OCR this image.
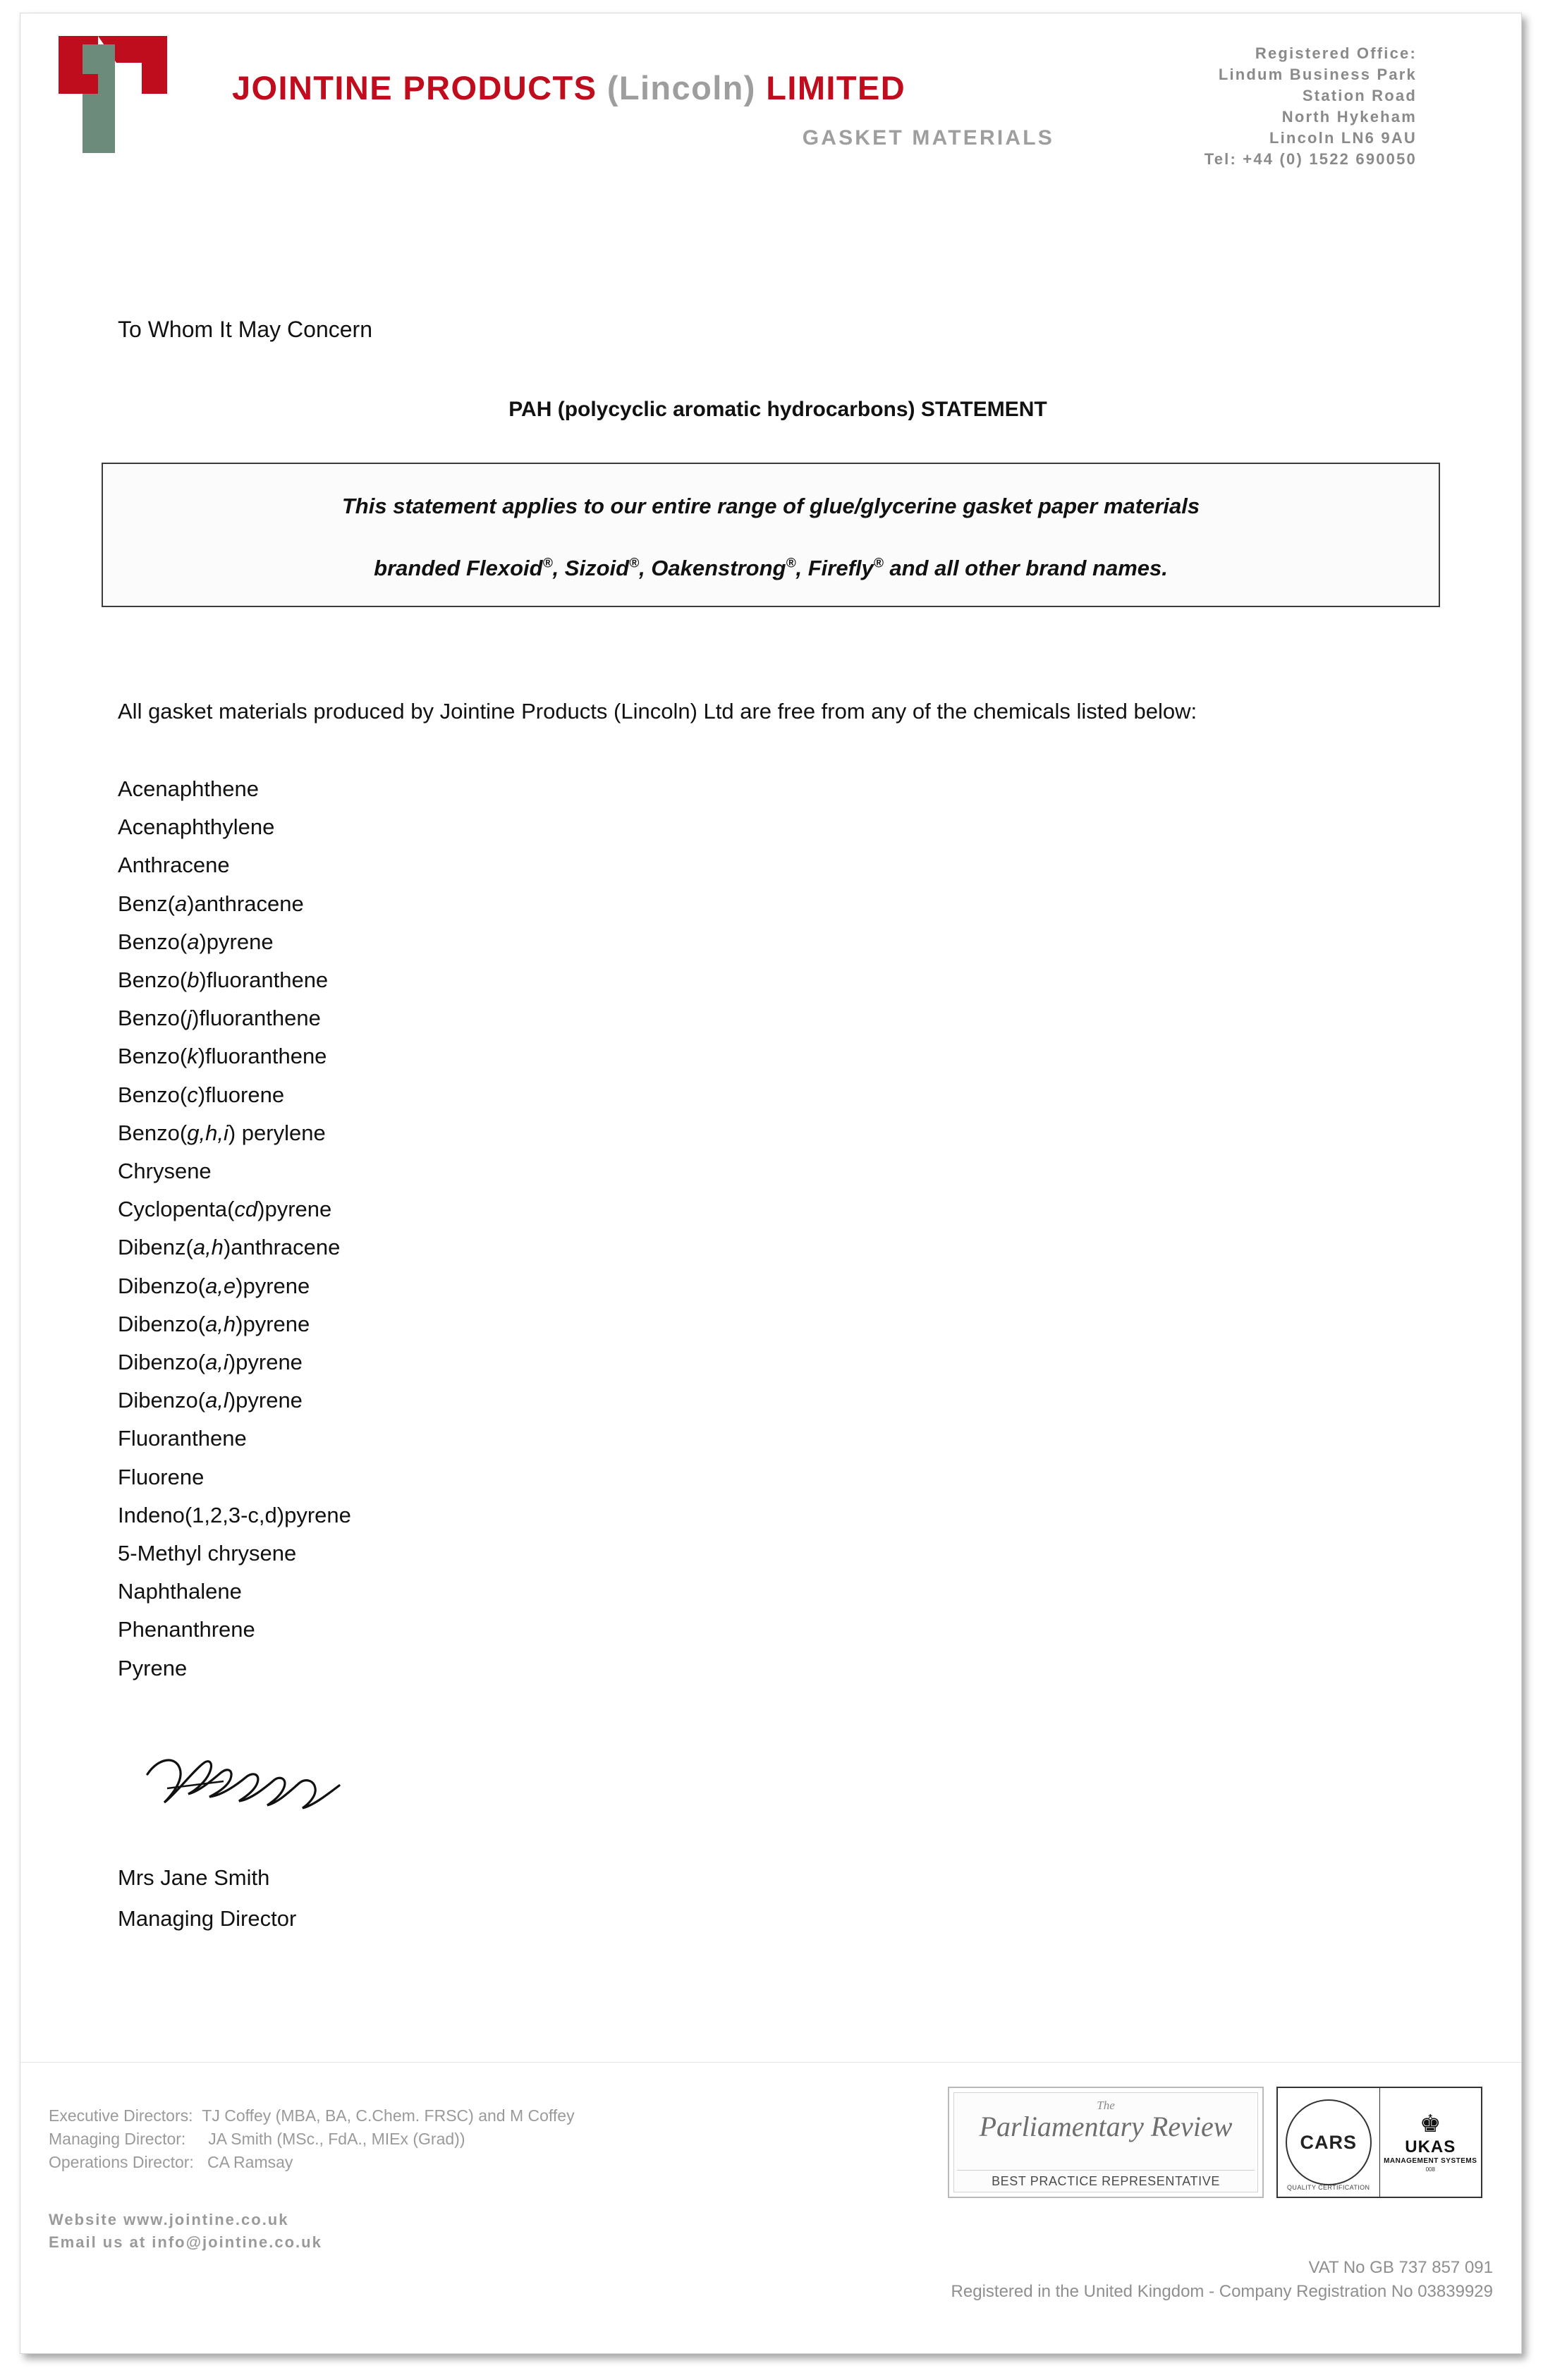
JOINTINE PRODUCTS (Lincoln) LIMITED
GASKET MATERIALS
Registered Office:
Lindum Business Park
Station Road
North Hykeham
Lincoln LN6 9AU
Tel: +44 (0) 1522 690050
To Whom It May Concern
PAH (polycyclic aromatic hydrocarbons) STATEMENT

This statement applies to our entire range of glue/glycerine gasket paper materials

branded Flexoid®, Sizoid®, Oakenstrong®, Firefly® and all other brand names.

All gasket materials produced by Jointine Products (Lincoln) Ltd are free from any of the chemicals listed below:
Acenaphthene
Acenaphthylene
Anthracene
Benz(a)anthracene
Benzo(a)pyrene
Benzo(b)fluoranthene
Benzo(j)fluoranthene
Benzo(k)fluoranthene
Benzo(c)fluorene
Benzo(g,h,i) perylene
Chrysene
Cyclopenta(cd)pyrene
Dibenz(a,h)anthracene
Dibenzo(a,e)pyrene
Dibenzo(a,h)pyrene
Dibenzo(a,i)pyrene
Dibenzo(a,l)pyrene
Fluoranthene
Fluorene
Indeno(1,2,3-c,d)pyrene
5-Methyl chrysene
Naphthalene
Phenanthrene
Pyrene
Mrs Jane Smith
Managing Director
Executive Directors: TJ Coffey (MBA, BA, C.Chem. FRSC) and M Coffey
Managing Director: JA Smith (MSc., FdA., MIEx (Grad))
Operations Director: CA Ramsay
Website www.jointine.co.uk
Email us at info@jointine.co.uk
The
Parliamentary Review
BEST PRACTICE REPRESENTATIVE
CARS
QUALITY CERTIFICATION
♚
UKAS
MANAGEMENT SYSTEMS
008
VAT No GB 737 857 091
Registered in the United Kingdom - Company Registration No 03839929
